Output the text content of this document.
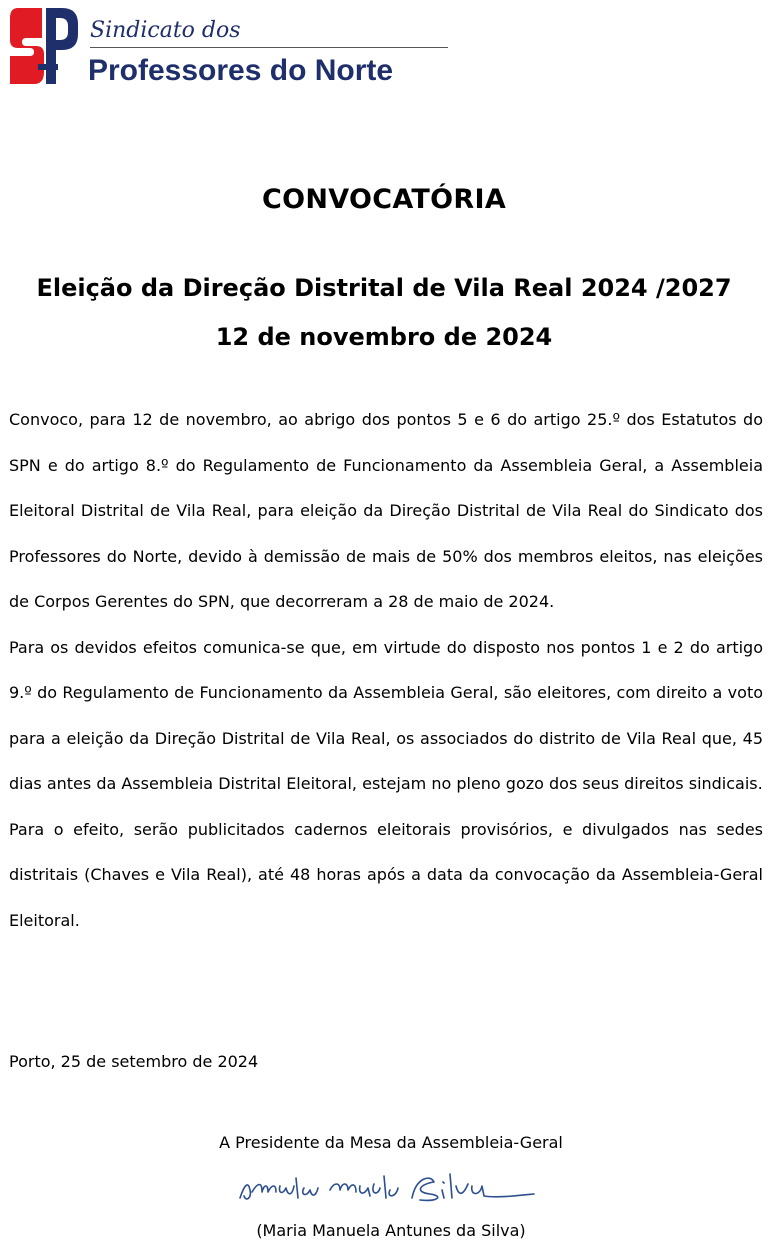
Sindicato dos
Professores do Norte
CONVOCATÓRIA
Eleição da Direção Distrital de Vila Real 2024 /2027
12 de novembro de 2024

Convoco, para 12 de novembro, ao abrigo dos pontos 5 e 6 do artigo 25.º dos Estatutos do SPN e do artigo 8.º do Regulamento de Funcionamento da Assembleia Geral, a Assembleia Eleitoral Distrital de Vila Real, para eleição da Direção Distrital de Vila Real do Sindicato dos Professores do Norte, devido à demissão de mais de 50% dos membros eleitos, nas eleições de Corpos Gerentes do SPN, que decorreram a 28 de maio de 2024.

Para os devidos efeitos comunica-se que, em virtude do disposto nos pontos 1 e 2 do artigo 9.º do Regulamento de Funcionamento da Assembleia Geral, são eleitores, com direito a voto para a eleição da Direção Distrital de Vila Real, os associados do distrito de Vila Real que, 45 dias antes da Assembleia Distrital Eleitoral, estejam no pleno gozo dos seus direitos sindicais.

Para o efeito, serão publicitados cadernos eleitorais provisórios, e divulgados nas sedes distritais (Chaves e Vila Real), até 48 horas após a data da convocação da Assembleia-Geral Eleitoral.

Porto, 25 de setembro de 2024
A Presidente da Mesa da Assembleia-Geral
(Maria Manuela Antunes da Silva)
